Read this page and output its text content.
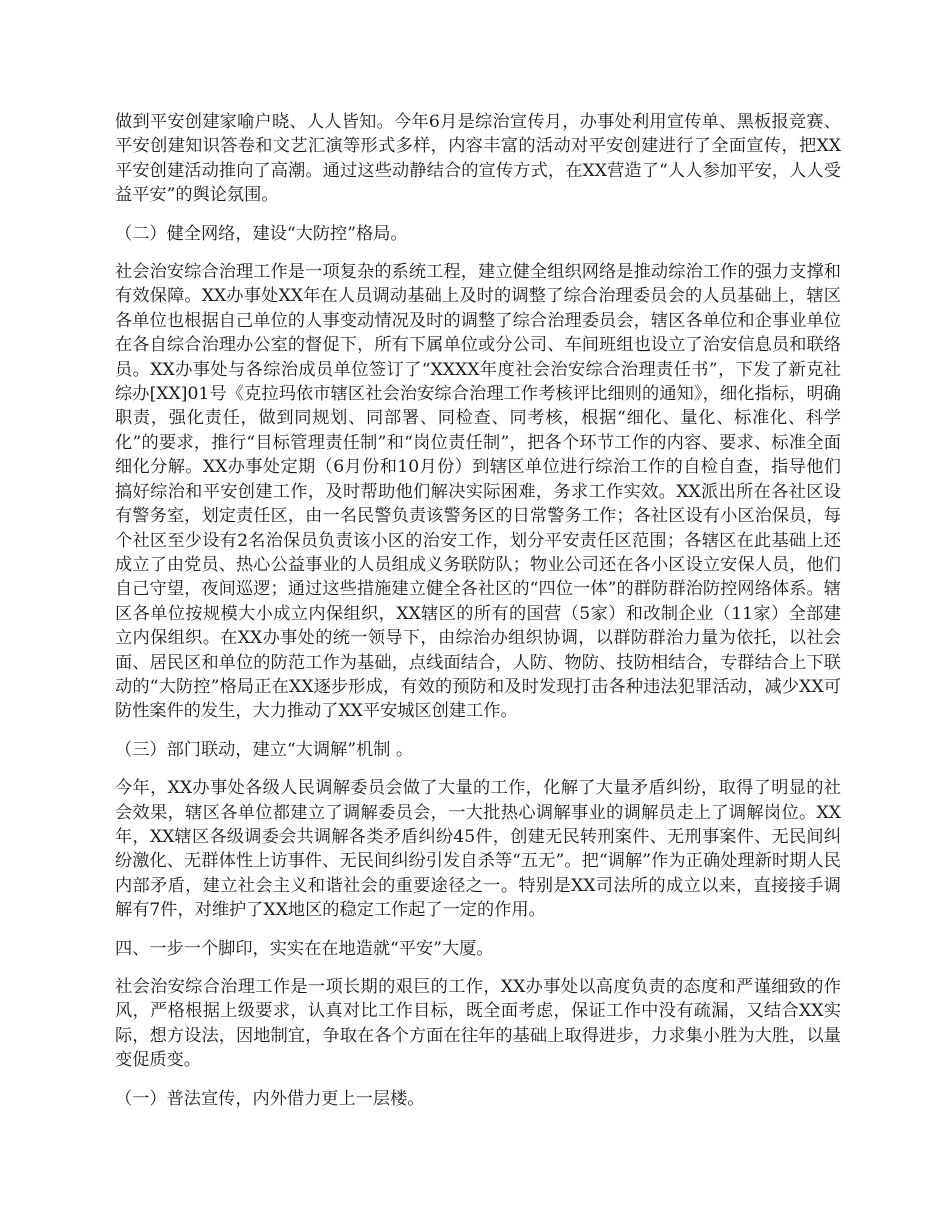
做到平安创建家喻户晓、人人皆知。今年6月是综治宣传月，办事处利用宣传单、黑板报竞赛、平安创建知识答卷和文艺汇演等形式多样，内容丰富的活动对平安创建进行了全面宣传，把XX平安创建活动推向了高潮。通过这些动静结合的宣传方式，在XX营造了“人人参加平安，人人受益平安”的舆论氛围。

（二）健全网络，建设“大防控”格局。

社会治安综合治理工作是一项复杂的系统工程，建立健全组织网络是推动综治工作的强力支撑和有效保障。XX办事处XX年在人员调动基础上及时的调整了综合治理委员会的人员基础上，辖区各单位也根据自己单位的人事变动情况及时的调整了综合治理委员会，辖区各单位和企事业单位在各自综合治理办公室的督促下，所有下属单位或分公司、车间班组也设立了治安信息员和联络员。XX办事处与各综治成员单位签订了“XXXX年度社会治安综合治理责任书”，下发了新克社综办[XX]01号《克拉玛依市辖区社会治安综合治理工作考核评比细则的通知》，细化指标，明确职责，强化责任，做到同规划、同部署、同检查、同考核，根据“细化、量化、标准化、科学化”的要求，推行“目标管理责任制”和“岗位责任制”，把各个环节工作的内容、要求、标准全面细化分解。XX办事处定期（6月份和10月份）到辖区单位进行综治工作的自检自查，指导他们搞好综治和平安创建工作，及时帮助他们解决实际困难，务求工作实效。XX派出所在各社区设有警务室，划定责任区，由一名民警负责该警务区的日常警务工作；各社区设有小区治保员，每个社区至少设有2名治保员负责该小区的治安工作，划分平安责任区范围；各辖区在此基础上还成立了由党员、热心公益事业的人员组成义务联防队；物业公司还在各小区设立安保人员，他们自己守望，夜间巡逻；通过这些措施建立健全各社区的“四位一体”的群防群治防控网络体系。辖区各单位按规模大小成立内保组织，XX辖区的所有的国营（5家）和改制企业（11家）全部建立内保组织。在XX办事处的统一领导下，由综治办组织协调，以群防群治力量为依托，以社会面、居民区和单位的防范工作为基础，点线面结合，人防、物防、技防相结合，专群结合上下联动的“大防控”格局正在XX逐步形成，有效的预防和及时发现打击各种违法犯罪活动，减少XX可防性案件的发生，大力推动了XX平安城区创建工作。

（三）部门联动，建立“大调解”机制 。

今年，XX办事处各级人民调解委员会做了大量的工作，化解了大量矛盾纠纷，取得了明显的社会效果，辖区各单位都建立了调解委员会，一大批热心调解事业的调解员走上了调解岗位。XX年，XX辖区各级调委会共调解各类矛盾纠纷45件，创建无民转刑案件、无刑事案件、无民间纠纷激化、无群体性上访事件、无民间纠纷引发自杀等“五无”。把“调解”作为正确处理新时期人民内部矛盾，建立社会主义和谐社会的重要途径之一。特别是XX司法所的成立以来，直接接手调解有7件，对维护了XX地区的稳定工作起了一定的作用。

四、一步一个脚印，实实在在地造就“平安”大厦。

社会治安综合治理工作是一项长期的艰巨的工作，XX办事处以高度负责的态度和严谨细致的作风，严格根据上级要求，认真对比工作目标，既全面考虑，保证工作中没有疏漏，又结合XX实际，想方设法，因地制宜，争取在各个方面在往年的基础上取得进步，力求集小胜为大胜，以量变促质变。

（一）普法宣传，内外借力更上一层楼。
